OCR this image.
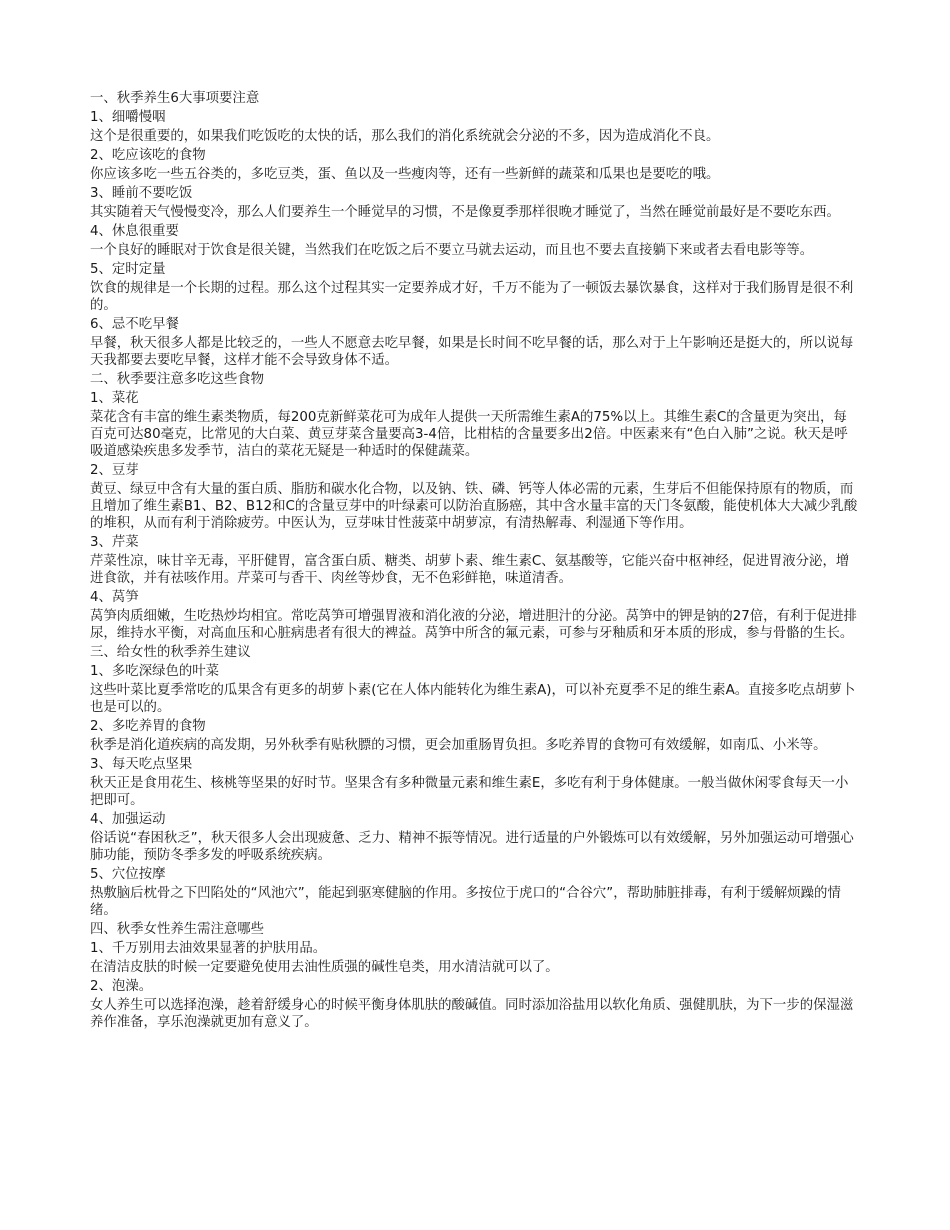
一、秋季养生6大事项要注意

1、细嚼慢咽

这个是很重要的，如果我们吃饭吃的太快的话，那么我们的消化系统就会分泌的不多，因为造成消化不良。

2、吃应该吃的食物

你应该多吃一些五谷类的，多吃豆类，蛋、鱼以及一些瘦肉等，还有一些新鲜的蔬菜和瓜果也是要吃的哦。

3、睡前不要吃饭

其实随着天气慢慢变冷，那么人们要养生一个睡觉早的习惯，不是像夏季那样很晚才睡觉了，当然在睡觉前最好是不要吃东西。

4、休息很重要

一个良好的睡眠对于饮食是很关键，当然我们在吃饭之后不要立马就去运动，而且也不要去直接躺下来或者去看电影等等。

5、定时定量

饮食的规律是一个长期的过程。那么这个过程其实一定要养成才好，千万不能为了一顿饭去暴饮暴食，这样对于我们肠胃是很不利的。

6、忌不吃早餐

早餐，秋天很多人都是比较乏的，一些人不愿意去吃早餐，如果是长时间不吃早餐的话，那么对于上午影响还是挺大的，所以说每天我都要去要吃早餐，这样才能不会导致身体不适。

二、秋季要注意多吃这些食物

1、菜花

菜花含有丰富的维生素类物质，每200克新鲜菜花可为成年人提供一天所需维生素A的75%以上。其维生素C的含量更为突出，每百克可达80毫克，比常见的大白菜、黄豆芽菜含量要高3-4倍，比柑桔的含量要多出2倍。中医素来有“色白入肺”之说。秋天是呼吸道感染疾患多发季节，洁白的菜花无疑是一种适时的保健蔬菜。

2、豆芽

黄豆、绿豆中含有大量的蛋白质、脂肪和碳水化合物，以及钠、铁、磷、钙等人体必需的元素，生芽后不但能保持原有的物质，而且增加了维生素B1、B2、B12和C的含量豆芽中的叶绿素可以防治直肠癌，其中含水量丰富的天门冬氨酸，能使机体大大减少乳酸的堆积，从而有利于消除疲劳。中医认为，豆芽味甘性菠菜中胡萝凉，有清热解毒、利湿通下等作用。

3、芹菜

芹菜性凉，味甘辛无毒，平肝健胃，富含蛋白质、糖类、胡萝卜素、维生素C、氨基酸等，它能兴奋中枢神经，促进胃液分泌，增进食欲，并有祛咳作用。芹菜可与香干、肉丝等炒食，无不色彩鲜艳，味道清香。

4、莴笋

莴笋肉质细嫩，生吃热炒均相宜。常吃莴笋可增强胃液和消化液的分泌，增进胆汁的分泌。莴笋中的钾是钠的27倍，有利于促进排尿，维持水平衡，对高血压和心脏病患者有很大的裨益。莴笋中所含的氟元素，可参与牙釉质和牙本质的形成，参与骨骼的生长。

三、给女性的秋季养生建议

1、多吃深绿色的叶菜

这些叶菜比夏季常吃的瓜果含有更多的胡萝卜素(它在人体内能转化为维生素A)，可以补充夏季不足的维生素A。直接多吃点胡萝卜也是可以的。

2、多吃养胃的食物

秋季是消化道疾病的高发期，另外秋季有贴秋膘的习惯，更会加重肠胃负担。多吃养胃的食物可有效缓解，如南瓜、小米等。

3、每天吃点坚果

秋天正是食用花生、核桃等坚果的好时节。坚果含有多种微量元素和维生素E，多吃有利于身体健康。一般当做休闲零食每天一小把即可。

4、加强运动

俗话说“春困秋乏”，秋天很多人会出现疲惫、乏力、精神不振等情况。进行适量的户外锻炼可以有效缓解，另外加强运动可增强心肺功能，预防冬季多发的呼吸系统疾病。

5、穴位按摩

热敷脑后枕骨之下凹陷处的“风池穴”，能起到驱寒健脑的作用。多按位于虎口的“合谷穴”，帮助肺脏排毒，有利于缓解烦躁的情绪。

四、秋季女性养生需注意哪些

1、千万别用去油效果显著的护肤用品。

在清洁皮肤的时候一定要避免使用去油性质强的碱性皂类，用水清洁就可以了。

2、泡澡。

女人养生可以选择泡澡，趁着舒缓身心的时候平衡身体肌肤的酸碱值。同时添加浴盐用以软化角质、强健肌肤，为下一步的保湿滋养作准备，享乐泡澡就更加有意义了。
